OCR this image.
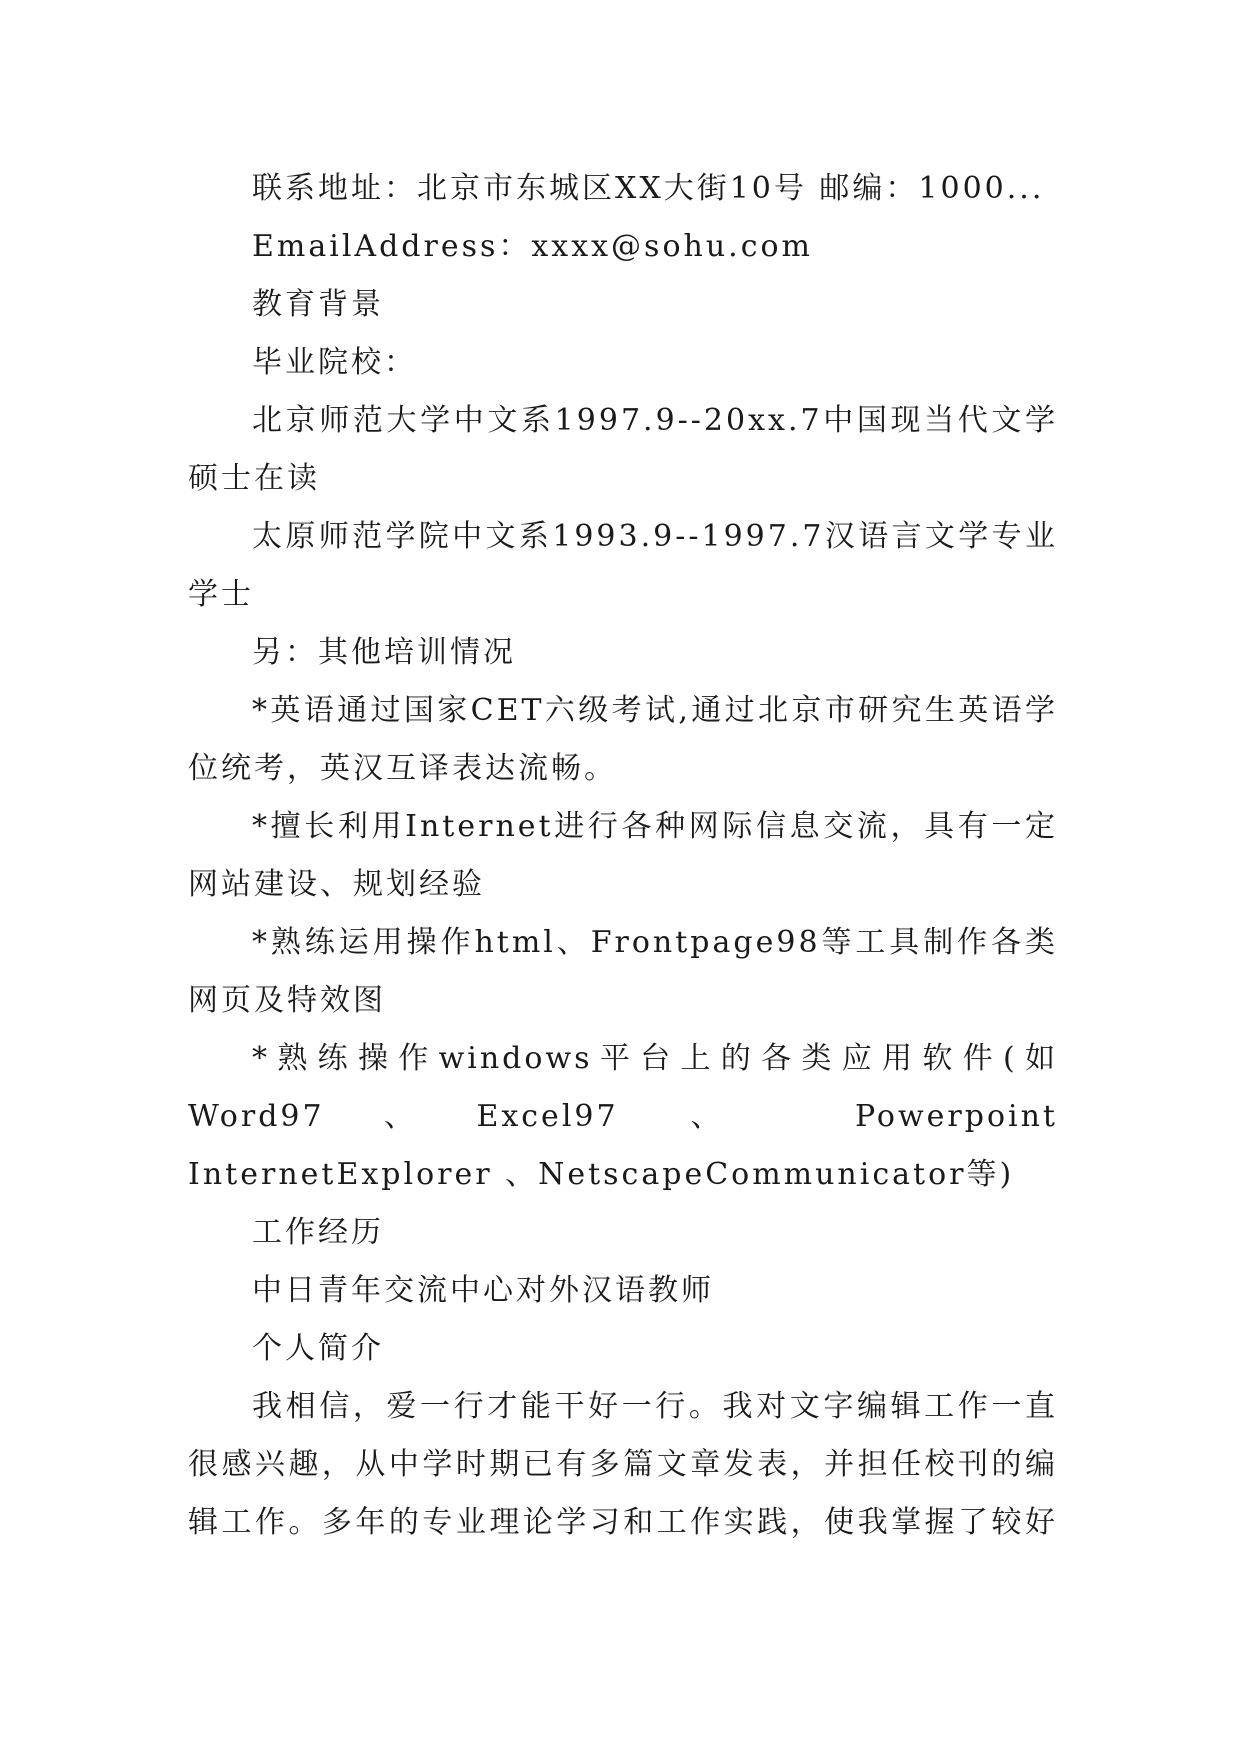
联系地址：北京市东城区XX大街10号 邮编：1000...

EmailAddress：xxxx@sohu.com

教育背景

毕业院校：

北京师范大学中文系1997.9--20xx.7中国现当代文学硕士在读

太原师范学院中文系1993.9--1997.7汉语言文学专业学士

另：其他培训情况

*英语通过国家CET六级考试,通过北京市研究生英语学位统考，英汉互译表达流畅。

*擅长利用Internet进行各种网际信息交流，具有一定网站建设、规划经验

*熟练运用操作html、Frontpage98等工具制作各类网页及特效图

*熟练操作windows平台上的各类应用软件(如Word97、Excel97 、 Powerpoint InternetExplorer 、NetscapeCommunicator等)

工作经历

中日青年交流中心对外汉语教师

个人简介

我相信，爱一行才能干好一行。我对文字编辑工作一直很感兴趣，从中学时期已有多篇文章发表，并担任校刊的编辑工作。多年的专业理论学习和工作实践，使我掌握了较好
